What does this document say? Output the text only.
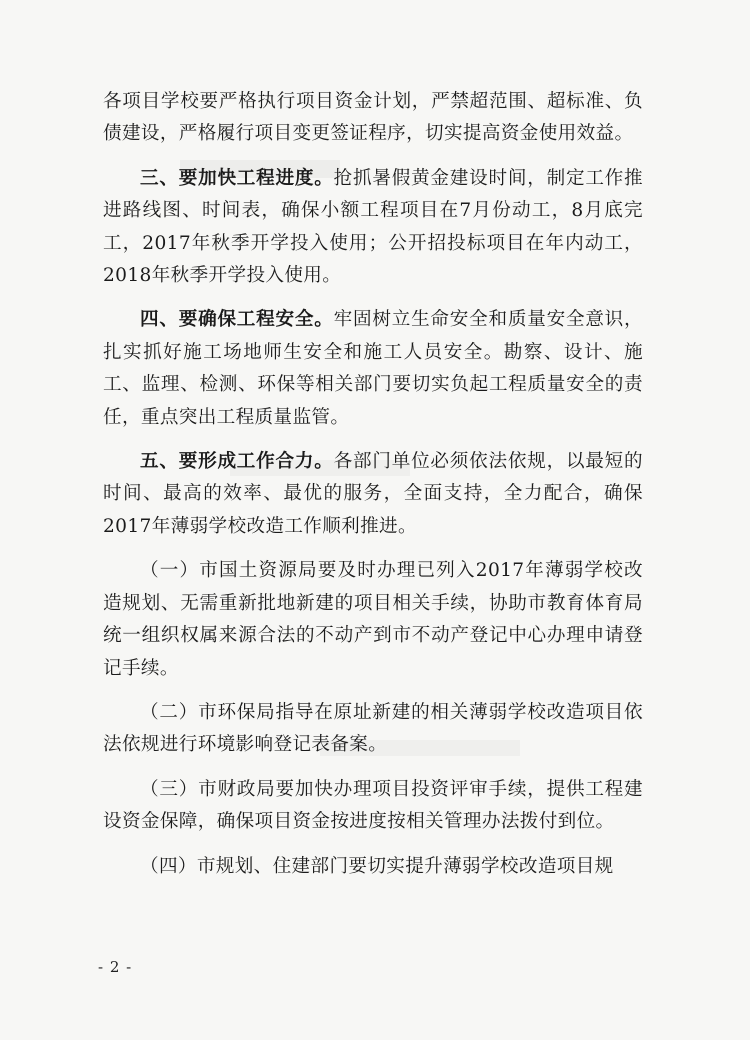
各项目学校要严格执行项目资金计划，严禁超范围、超标准、负债建设，严格履行项目变更签证程序，切实提高资金使用效益。

三、要加快工程进度。抢抓暑假黄金建设时间，制定工作推进路线图、时间表，确保小额工程项目在7月份动工，8月底完工，2017年秋季开学投入使用；公开招投标项目在年内动工，2018年秋季开学投入使用。

四、要确保工程安全。牢固树立生命安全和质量安全意识，扎实抓好施工场地师生安全和施工人员安全。勘察、设计、施工、监理、检测、环保等相关部门要切实负起工程质量安全的责任，重点突出工程质量监管。

五、要形成工作合力。各部门单位必须依法依规，以最短的时间、最高的效率、最优的服务，全面支持，全力配合，确保2017年薄弱学校改造工作顺利推进。

（一）市国土资源局要及时办理已列入2017年薄弱学校改造规划、无需重新批地新建的项目相关手续，协助市教育体育局统一组织权属来源合法的不动产到市不动产登记中心办理申请登记手续。

（二）市环保局指导在原址新建的相关薄弱学校改造项目依法依规进行环境影响登记表备案。

（三）市财政局要加快办理项目投资评审手续，提供工程建设资金保障，确保项目资金按进度按相关管理办法拨付到位。

（四）市规划、住建部门要切实提升薄弱学校改造项目规

- 2 -
